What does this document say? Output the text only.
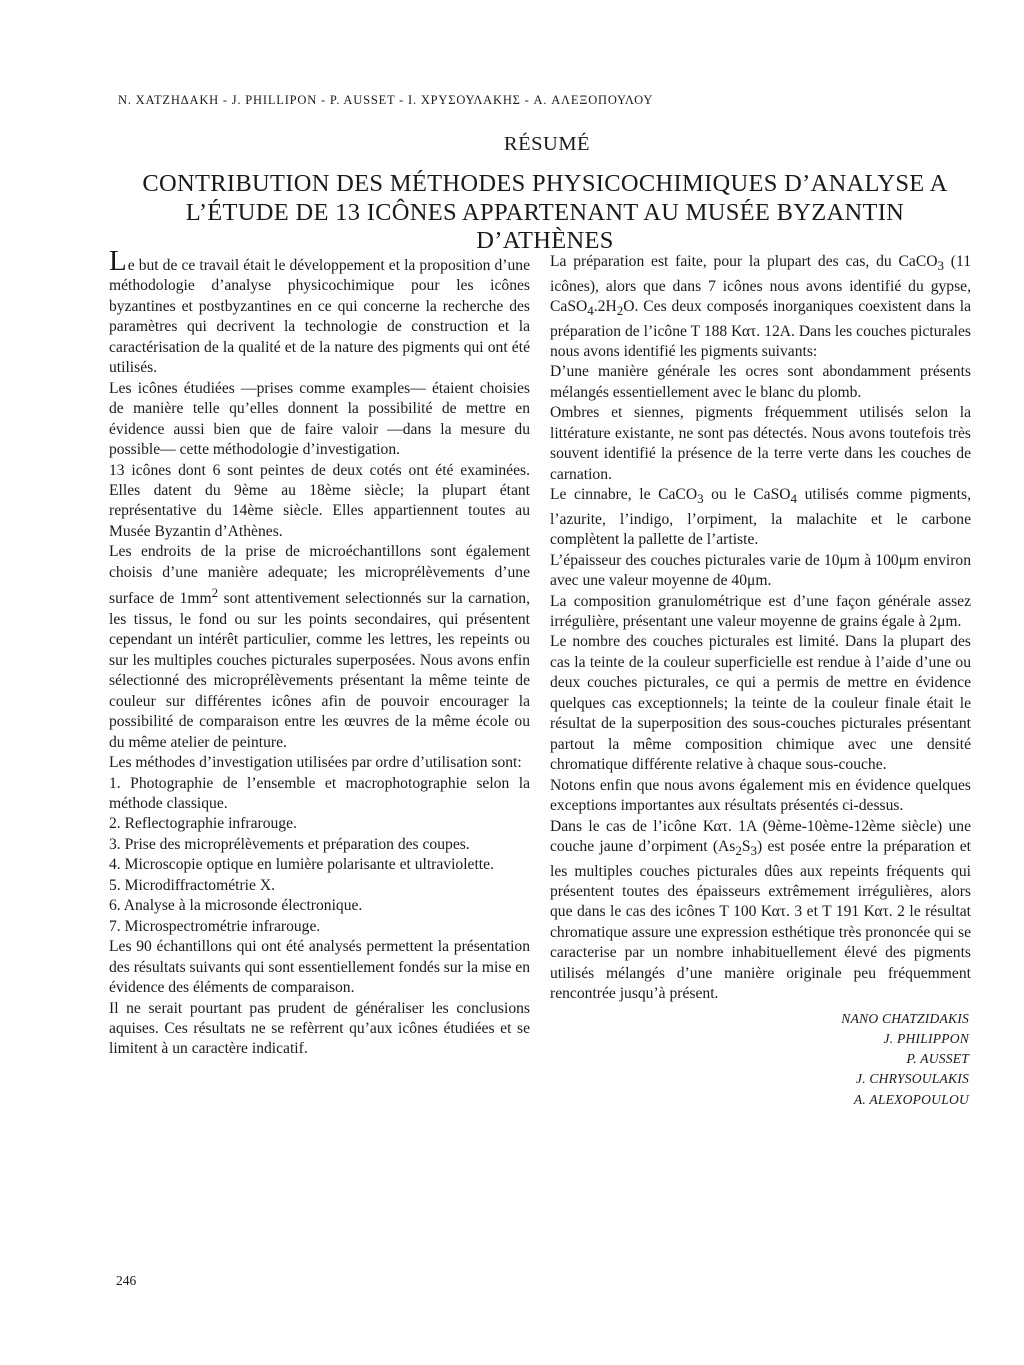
N. ΧΑΤΖΗΔΑΚΗ - J. PHILLIPON - P. AUSSET - I. ΧΡΥΣΟΥΛΑΚΗΣ - A. ΑΛΕΞΟΠΟΥΛΟΥ
RÉSUMÉ
CONTRIBUTION DES MÉTHODES PHYSICOCHIMIQUES D’ANALYSE A
L’ÉTUDE DE 13 ICÔNES APPARTENANT AU MUSÉE BYZANTIN
D’ATHÈNES

Le but de ce travail était le développement et la proposition d’une méthodologie d’analyse physicochimique pour les icônes byzantines et postbyzantines en ce qui concerne la recherche des paramètres qui decrivent la technologie de construction et la caractérisation de la qualité et de la nature des pigments qui ont été utilisés.

Les icônes étudiées —prises comme examples— étaient choisies de manière telle qu’elles donnent la possibilité de mettre en évidence aussi bien que de faire valoir —dans la mesure du possible— cette méthodologie d’investigation.

13 icônes dont 6 sont peintes de deux cotés ont été examinées. Elles datent du 9ème au 18ème siècle; la plupart étant représentative du 14ème siècle. Elles appartiennent toutes au Musée Byzantin d’Athènes.

Les endroits de la prise de microéchantillons sont également choisis d’une manière adequate; les microprélèvements d’une surface de $1mm^2$ sont attentivement selectionnés sur la carnation, les tissus, le fond ou sur les points secondaires, qui présentent cependant un intérêt particulier, comme les lettres, les repeints ou sur les multiples couches picturales superposées. Nous avons enfin sélectionné des microprélèvements présentant la même teinte de couleur sur différentes icônes afin de pouvoir encourager la possibilité de comparaison entre les œuvres de la même école ou du même atelier de peinture.

Les méthodes d’investigation utilisées par ordre d’utilisation sont:

1. Photographie de l’ensemble et macrophotographie selon la méthode classique.

2. Reflectographie infrarouge.

3. Prise des microprélèvements et préparation des coupes.

4. Microscopie optique en lumière polarisante et ultraviolette.

5. Microdiffractométrie X.

6. Analyse à la microsonde électronique.

7. Microspectrométrie infrarouge.

Les 90 échantillons qui ont été analysés permettent la présentation des résultats suivants qui sont essentiellement fondés sur la mise en évidence des éléments de comparaison.

Il ne serait pourtant pas prudent de généraliser les conclusions aquises. Ces résultats ne se refèrrent qu’aux icônes étudiées et se limitent à un caractère indicatif.

La préparation est faite, pour la plupart des cas, du CaCO$_3$ (11 icônes), alors que dans 7 icônes nous avons identifié du gypse, $CaSO_4.2H_2O$. Ces deux composés inorganiques coexistent dans la préparation de l’icône T 188 Κατ. 12A. Dans les couches picturales nous avons identifié les pigments suivants:

D’une manière générale les ocres sont abondamment présents mélangés essentiellement avec le blanc du plomb.

Ombres et siennes, pigments fréquemment utilisés selon la littérature existante, ne sont pas détectés. Nous avons toutefois très souvent identifié la présence de la terre verte dans les couches de carnation.

Le cinnabre, le CaCO$_3$ ou le CaSO$_4$ utilisés comme pigments, l’azurite, l’indigo, l’orpiment, la malachite et le carbone complètent la pallette de l’artiste.

L’épaisseur des couches picturales varie de 10μm à 100μm environ avec une valeur moyenne de 40μm.

La composition granulométrique est d’une façon générale assez irrégulière, présentant une valeur moyenne de grains égale à 2μm.

Le nombre des couches picturales est limité. Dans la plupart des cas la teinte de la couleur superficielle est rendue à l’aide d’une ou deux couches picturales, ce qui a permis de mettre en évidence quelques cas exceptionnels; la teinte de la couleur finale était le résultat de la superposition des sous-couches picturales présentant partout la même composition chimique avec une densité chromatique différente relative à chaque sous-couche.

Notons enfin que nous avons également mis en évidence quelques exceptions importantes aux résultats présentés ci-dessus.

Dans le cas de l’icône Κατ. 1A (9ème-10ème-12ème siècle) une couche jaune d’orpiment $(As_2S_3)$ est posée entre la préparation et les multiples couches picturales dûes aux repeints fréquents qui présentent toutes des épaisseurs extrêmement irrégulières, alors que dans le cas des icônes T 100 Κατ. 3 et T 191 Κατ. 2 le résultat chromatique assure une expression esthétique très prononcée qui se caracterise par un nombre inhabituellement élevé des pigments utilisés mélangés d’une manière originale peu fréquemment rencontrée jusqu’à présent.

NANO CHATZIDAKIS
J. PHILIPPON
P. AUSSET
J. CHRYSOULAKIS
A. ALEXOPOULOU
246
